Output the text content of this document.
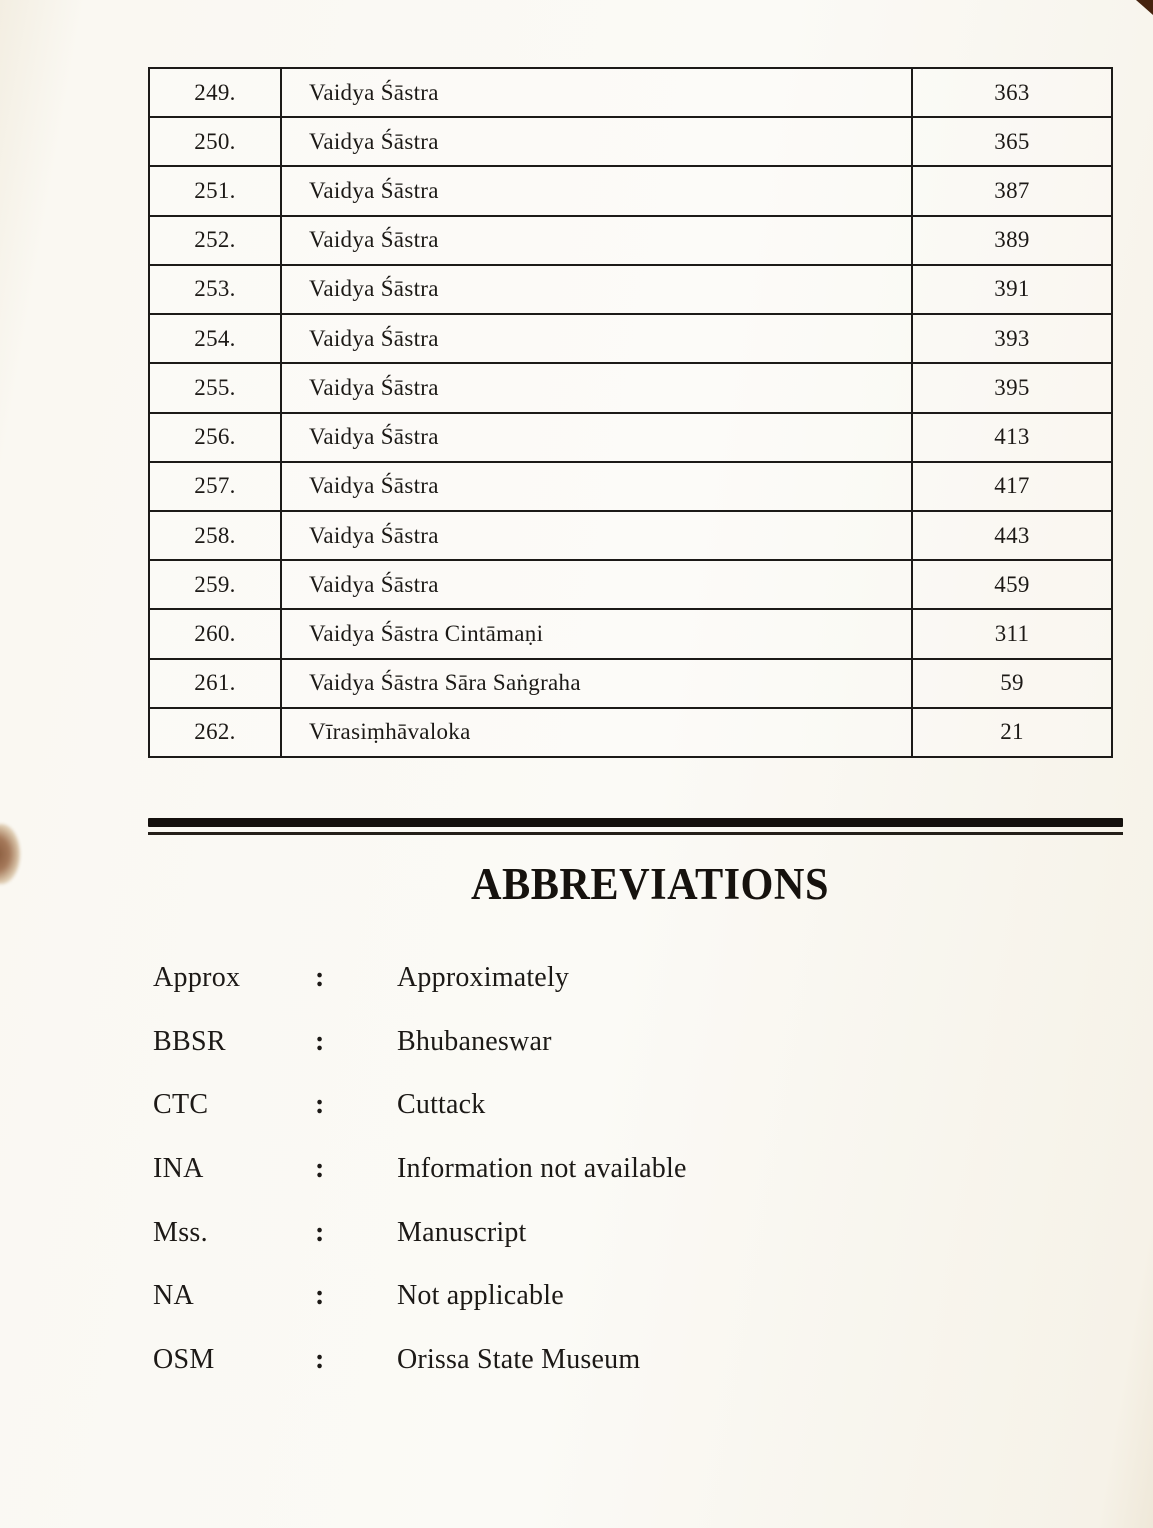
249.	Vaidya Śāstra	363
250.	Vaidya Śāstra	365
251.	Vaidya Śāstra	387
252.	Vaidya Śāstra	389
253.	Vaidya Śāstra	391
254.	Vaidya Śāstra	393
255.	Vaidya Śāstra	395
256.	Vaidya Śāstra	413
257.	Vaidya Śāstra	417
258.	Vaidya Śāstra	443
259.	Vaidya Śāstra	459
260.	Vaidya Śāstra Cintāmaṇi	311
261.	Vaidya Śāstra Sāra Saṅgraha	59
262.	Vīrasiṃhāvaloka	21
ABBREVIATIONS
Approx	:	Approximately
BBSR	:	Bhubaneswar
CTC	:	Cuttack
INA	:	Information not available
Mss.	:	Manuscript
NA	:	Not applicable
OSM	:	Orissa State Museum
